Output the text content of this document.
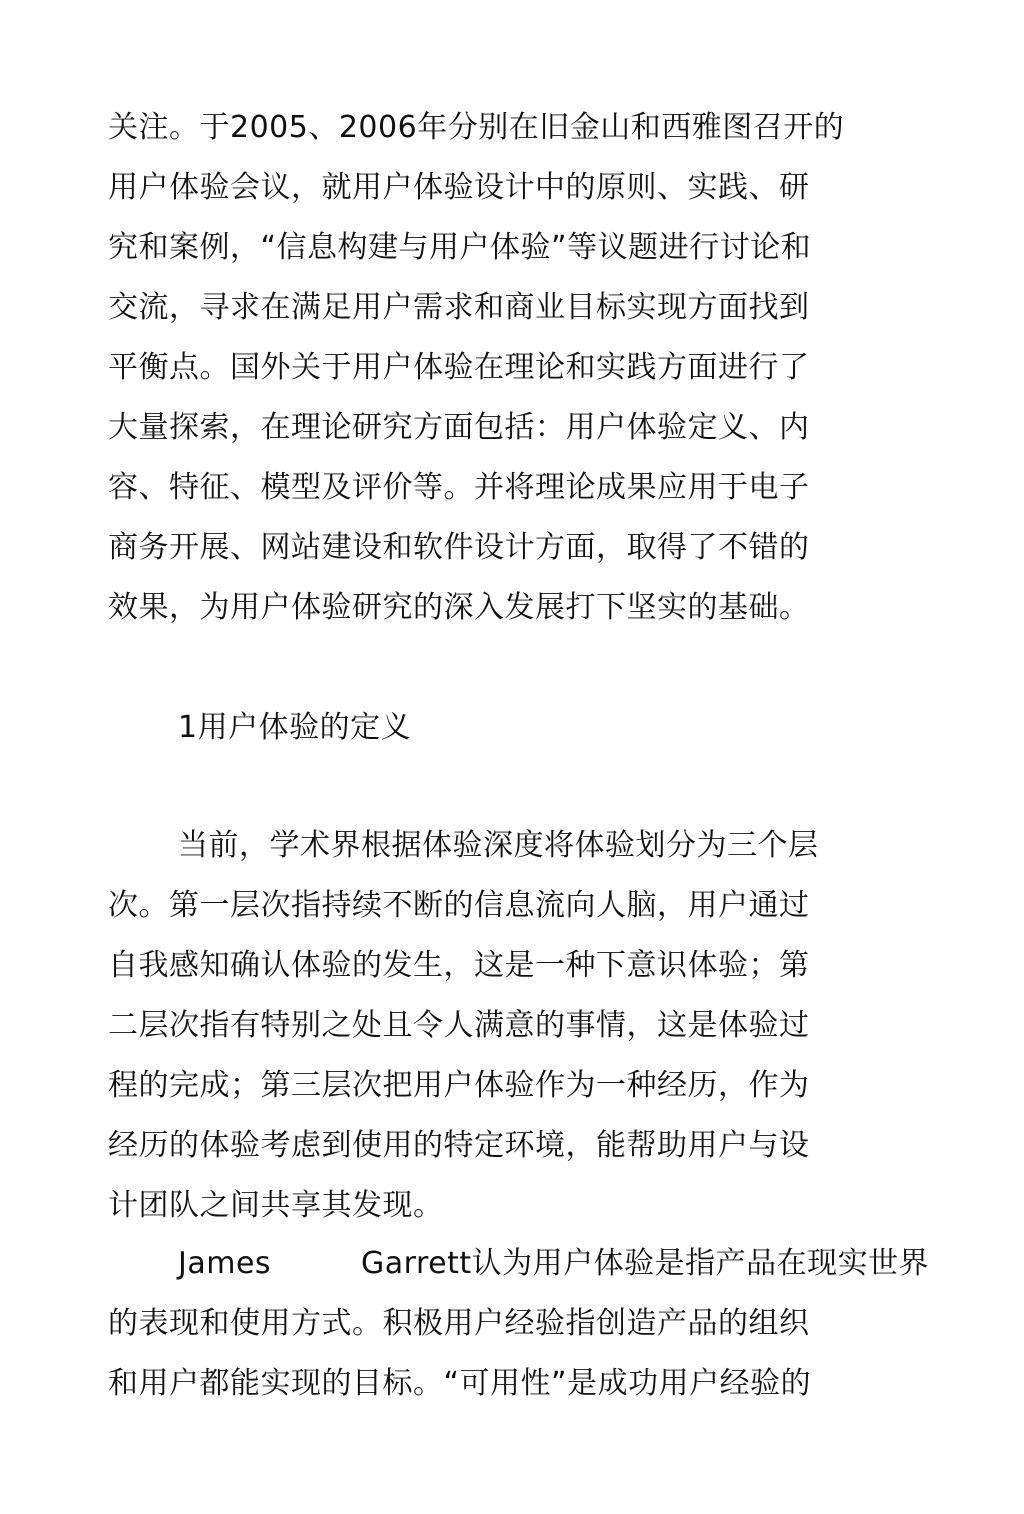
关注。于2005、2006年分别在旧金山和西雅图召开的
用户体验会议，就用户体验设计中的原则、实践、研
究和案例，“信息构建与用户体验”等议题进行讨论和
交流，寻求在满足用户需求和商业目标实现方面找到
平衡点。国外关于用户体验在理论和实践方面进行了
大量探索，在理论研究方面包括：用户体验定义、内
容、特征、模型及评价等。并将理论成果应用于电子
商务开展、网站建设和软件设计方面，取得了不错的
效果，为用户体验研究的深入发展打下坚实的基础。
1用户体验的定义
当前，学术界根据体验深度将体验划分为三个层
次。第一层次指持续不断的信息流向人脑，用户通过
自我感知确认体验的发生，这是一种下意识体验；第
二层次指有特别之处且令人满意的事情，这是体验过
程的完成；第三层次把用户体验作为一种经历，作为
经历的体验考虑到使用的特定环境，能帮助用户与设
计团队之间共享其发现。
James	Garrett认为用户体验是指产品在现实世界
的表现和使用方式。积极用户经验指创造产品的组织
和用户都能实现的目标。“可用性”是成功用户经验的
